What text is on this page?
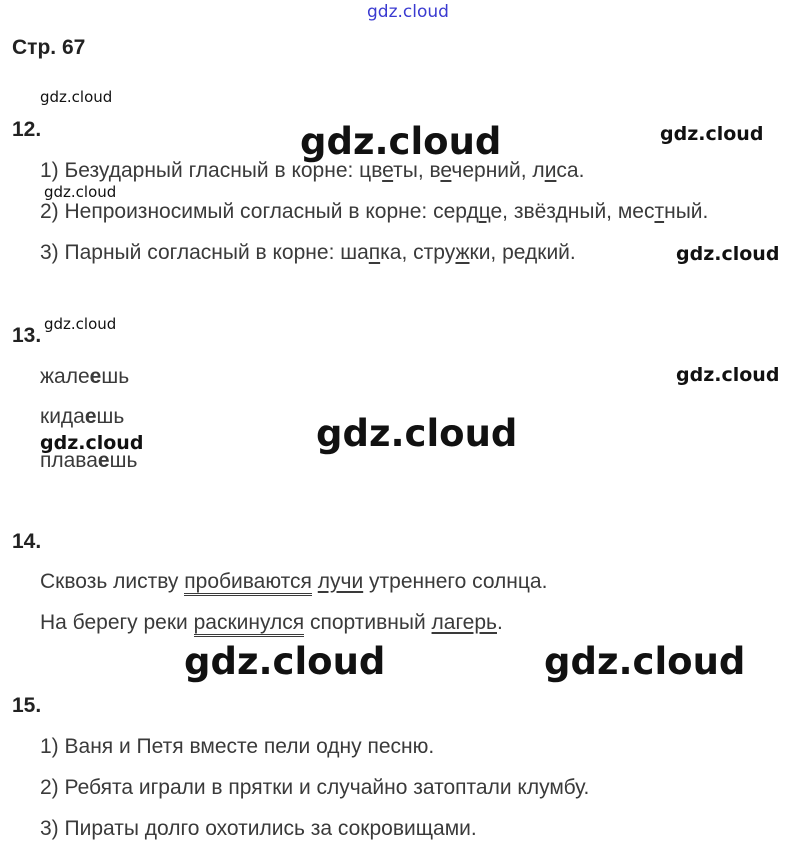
gdz.cloud
gdz.cloud
gdz.cloud	gdz.cloud
gdz.cloud
gdz.cloud
gdz.cloud
gdz.cloud
gdz.cloud
gdz.cloud
gdz.cloud	gdz.cloud
Стр. 67
12.
1) Безударный гласный в корне: цветы, вечерний, лиса.
2) Непроизносимый согласный в корне: сердце, звёздный, местный.
3) Парный согласный в корне: шапка, стружки, редкий.
13.
жалеешь
кидаешь
плаваешь
14.
Сквозь листву пробиваются лучи утреннего солнца.
На берегу реки раскинулся спортивный лагерь.
15.
1) Ваня и Петя вместе пели одну песню.
2) Ребята играли в прятки и случайно затоптали клумбу.
3) Пираты долго охотились за сокровищами.
